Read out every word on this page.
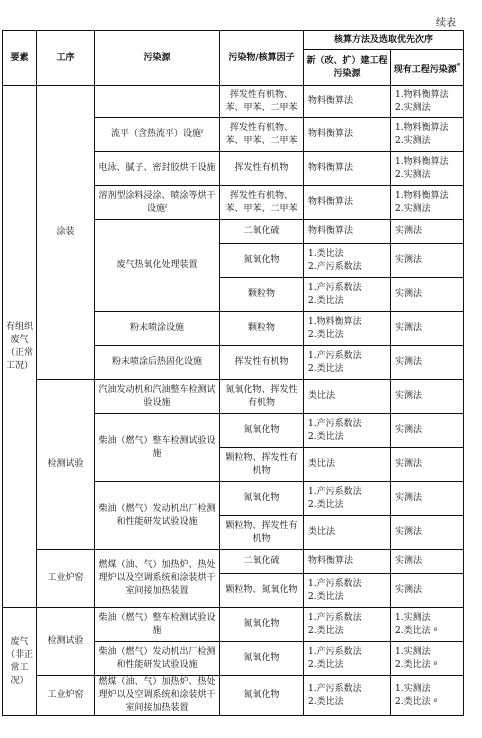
续表
要素	工序	污染源	污染物/核算因子	核算方法及选取优先次序	
				新（改、扩）建工程污染源	现有工程污染源$^ᵉ$
有组织废气（正常工况）	涂装		挥发性有机物、苯、甲苯、二甲苯	物料衡算法	1.物料衡算法
2.实测法
		流平（含热流平）设施ᶠ	挥发性有机物、苯、甲苯、二甲苯	物料衡算法	1.物料衡算法
2.实测法
		电泳、腻子、密封胶烘干设施	挥发性有机物	物料衡算法	1.物料衡算法
2.实测法
		溶剂型涂料浸涂、喷涂等烘干设施ᶠ	挥发性有机物、苯、甲苯、二甲苯	物料衡算法	1.物料衡算法
2.实测法
		废气热氧化处理装置	二氧化硫	物料衡算法	实测法
			氮氧化物	1.类比法
2.产污系数法	实测法
			颗粒物	1.产污系数法
2.类比法	实测法
		粉末喷涂设施	颗粒物	1.物料衡算法
2.类比法	实测法
		粉末喷涂后热固化设施	挥发性有机物	1.产污系数法
2.类比法	实测法
	检测试验	汽油发动机和汽油整车检测试验设施	氮氧化物、挥发性有机物	类比法	实测法
		柴油（燃气）整车检测试验设施	氮氧化物	1.产污系数法
2.类比法	实测法
			颗粒物、挥发性有机物	类比法	实测法
		柴油（燃气）发动机出厂检测和性能研发试验设施	氮氧化物	1.产污系数法
2.类比法	实测法
			颗粒物、挥发性有机物	类比法	实测法
	工业炉窑	燃煤（油、气）加热炉、热处理炉以及空调系统和涂装烘干室间接加热装置	二氧化硫	物料衡算法	实测法
			颗粒物、氮氧化物	1.产污系数法
2.类比法	实测法
废气（非正常工况）	检测试验	柴油（燃气）整车检测试验设施	氮氧化物	1.产污系数法
2.类比法	1.实测法
2.类比法 ᵍ
		柴油（燃气）发动机出厂检测和性能研发试验设施	氮氧化物	1.产污系数法
2.类比法	1.实测法
2.类比法 ᵍ
	工业炉窑	燃煤（油、气）加热炉、热处理炉以及空调系统和涂装烘干室间接加热装置	氮氧化物	1.产污系数法
2.类比法	1.实测法
2.类比法 ᵍ
